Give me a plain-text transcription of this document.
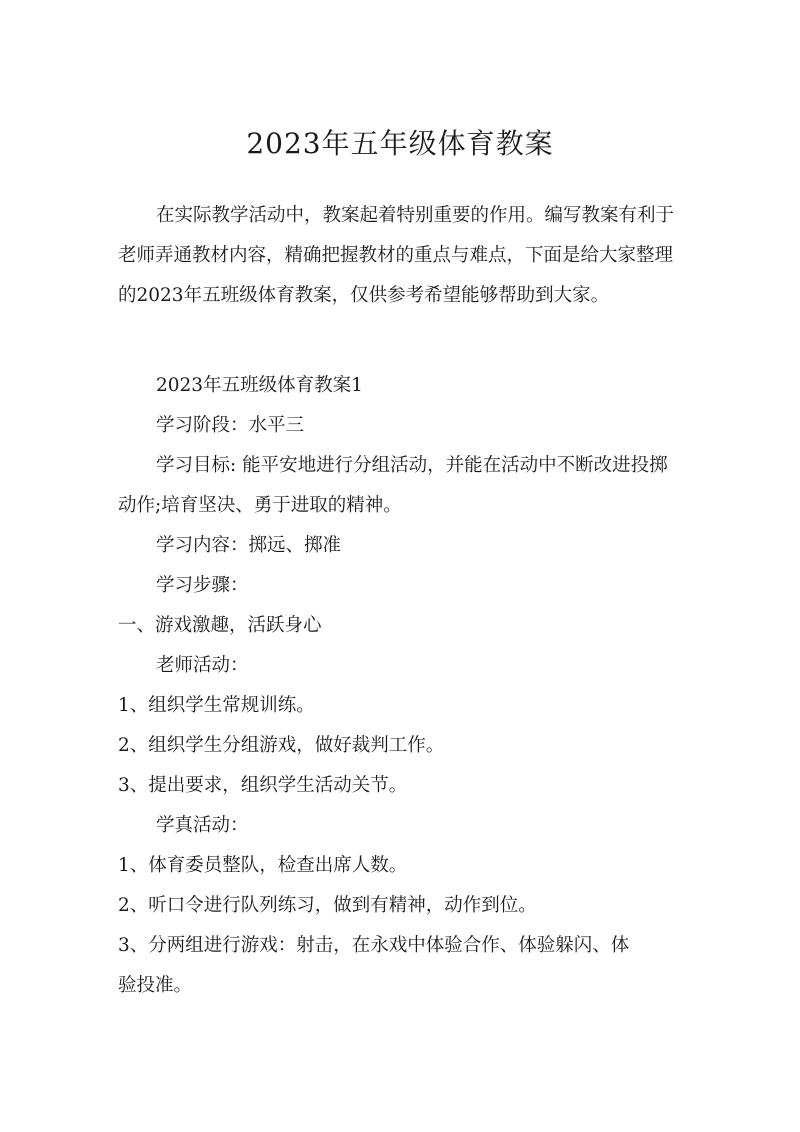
2023年五年级体育教案
在实际教学活动中，教案起着特别重要的作用。编写教案有利于
老师弄通教材内容，精确把握教材的重点与难点，下面是给大家整理
的2023年五班级体育教案，仅供参考希望能够帮助到大家。

2023年五班级体育教案1

学习阶段：水平三

学习目标: 能平安地进行分组活动，并能在活动中不断改进投掷

动作;培育坚决、勇于进取的精神。

学习内容：掷远、掷准

学习步骤：

一、游戏激趣，活跃身心

老师活动：

1、组织学生常规训练。

2、组织学生分组游戏，做好裁判工作。

3、提出要求，组织学生活动关节。

学真活动：

1、体育委员整队，检查出席人数。

2、听口令进行队列练习，做到有精神，动作到位。

3、分两组进行游戏：射击，在永戏中体验合作、体验躲闪、体

验投准。
